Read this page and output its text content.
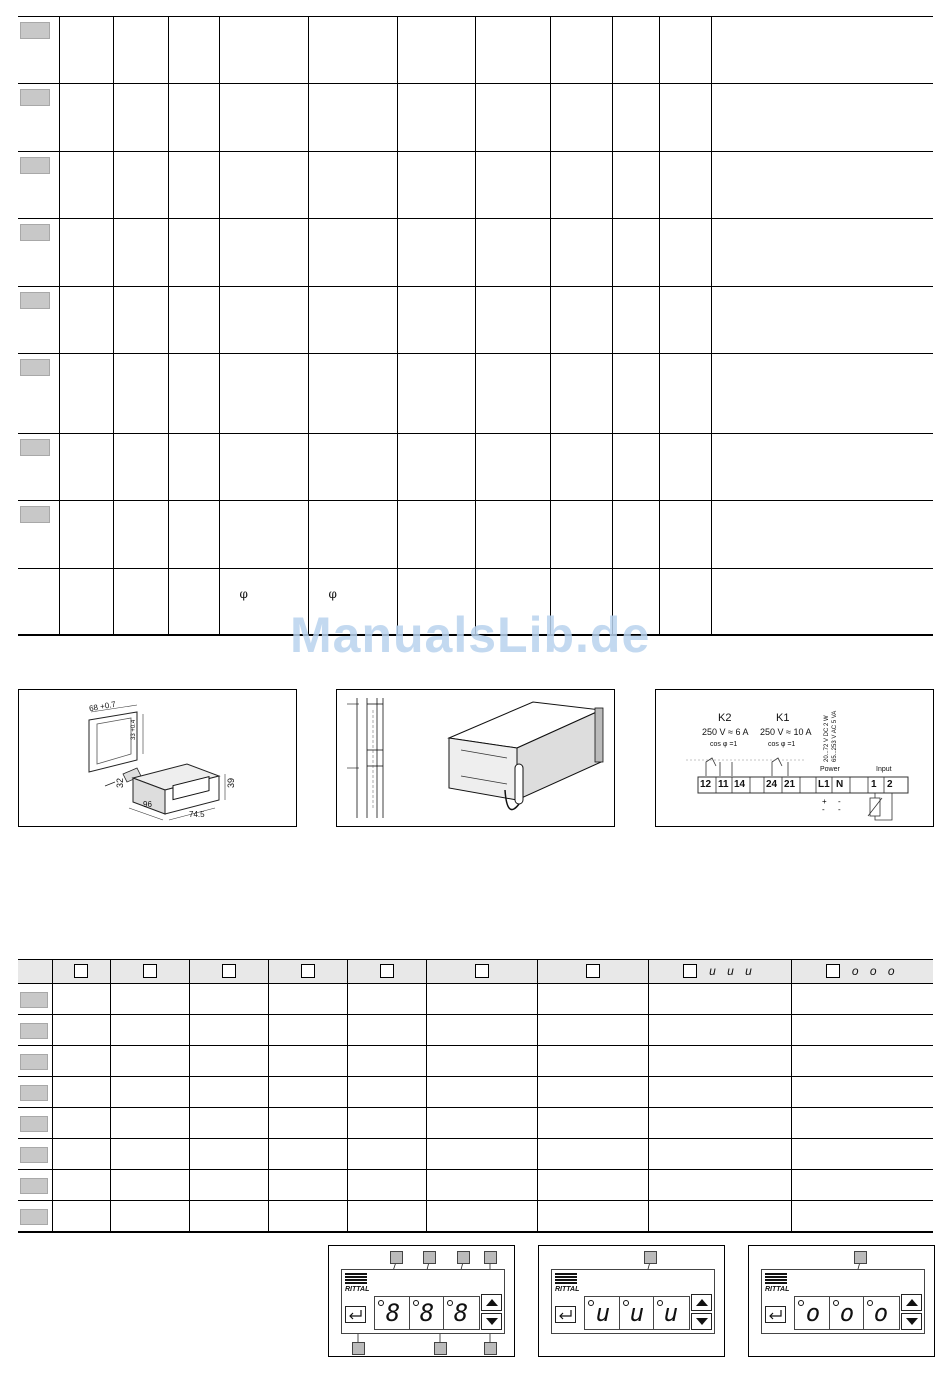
				φ	φ						

ManualsLib.de
68 +0.7
33 +0.4
32	39
96
74.5
K2
250 V ≈ 6 A
cos φ =1
K1
250 V ≈ 10 A
cos φ =1	20...72 V DC 2 W 65...253 V AC 5 VA
Power	Input
+
-
-
-
12 11 14 24 21 L1 N	1 2
								u u u	o o o

RITTAL
8 8 8
RITTAL
u u u
RITTAL
o o o
